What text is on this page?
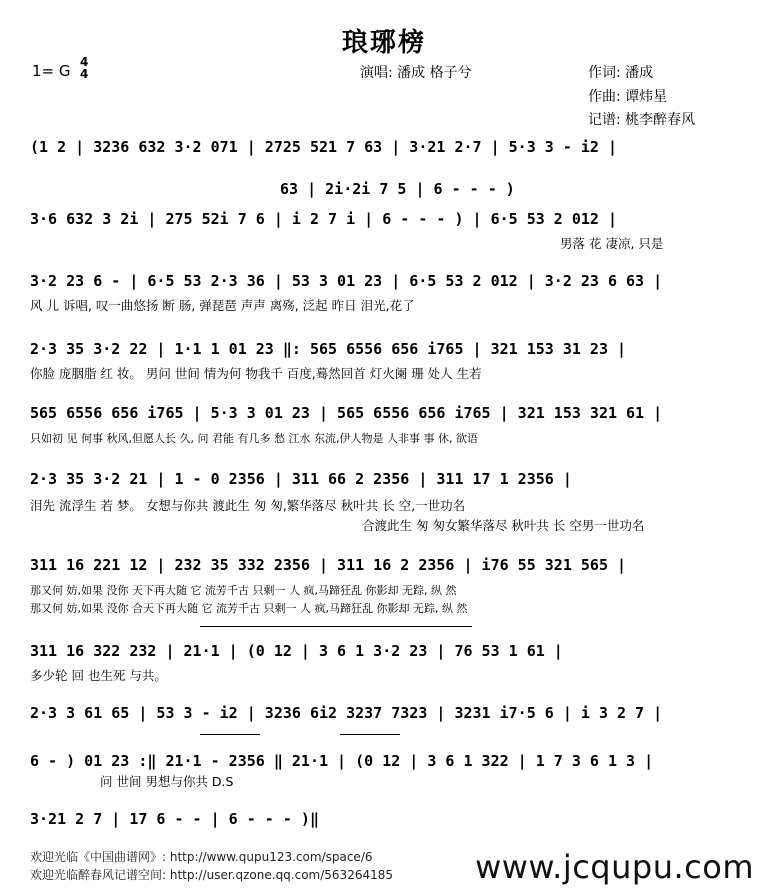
琅琊榜
1= G 4
4	演唱: 潘成 格子兮	作词: 潘成
作曲: 谭炜星
记谱: 桃李醉春风
(1 2 | 3236 632 3·2 071 | 2725 521 7 63 | 3·21 2·7 | 5·3 3 - i2 |
63 | 2i·2i 7 5 | 6 - - - )
3·6 632 3 2i | 275 52i 7 6 | i 2 7 i | 6 - - - ) | 6·5 53 2 012 |
男落 花 凄凉, 只是
3·2 23 6 - | 6·5 53 2·3 36 | 53 3 01 23 | 6·5 53 2 012 | 3·2 23 6 63 |
风 儿 诉唱, 叹一曲悠扬 断 肠, 弹琵琶 声声 离殇, 泛起 昨日 泪光,花了
2·3 35 3·2 22 | 1·1 1 01 23 ‖: 565 6556 656 i765 | 321 153 31 23 |
你脸 庞胭脂 红 妆。 男问 世间 情为何 物我千 百度,蓦然回首 灯火阑 珊 处人 生若
565 6556 656 i765 | 5·3 3 01 23 | 565 6556 656 i765 | 321 153 321 61 |
只如初 见 何事 秋风,但愿人长 久, 问 君能 有几多 愁 江水 东流,伊人物是 人非事 事 休, 欲语
2·3 35 3·2 21 | 1 - 0 2356 | 311 66 2 2356 | 311 17 1 2356 |
泪先 流浮生 若 梦。 女想与你共 渡此生 匆 匆,繁华落尽 秋叶共 长 空,一世功名
合渡此生 匆 匆女繁华落尽 秋叶共 长 空男一世功名
311 16 221 12 | 232 35 332 2356 | 311 16 2 2356 | i76 55 321 565 |
那又何 妨,如果 没你 天下再大随 它 流芳千古 只剩一 人 疯,马蹄狂乱 你影却 无踪, 纵 然
那又何 妨,如果 没你 合天下再大随 它 流芳千古 只剩一 人 疯,马蹄狂乱 你影却 无踪, 纵 然
311 16 322 232 | 21·1 | (0 12 | 3 6 1 3·2 23 | 76 53 1 61 |
多少轮 回 也生死 与共。
2·3 3 61 65 | 53 3 - i2 | 3236 6i2 3237 7323 | 3231 i7·5 6 | i 3 2 7 |
6 - ) 01 23 :‖ 21·1 - 2356 ‖ 21·1 | (0 12 | 3 6 1 322 | 1 7 3 6 1 3 |
问 世间 男想与你共 D.S
3·21 2 7 | 17 6 - - | 6 - - - )‖
欢迎光临《中国曲谱网》: http://www.qupu123.com/space/6
欢迎光临醉春风记谱空间: http://user.qzone.qq.com/563264185	www.jcqupu.com
